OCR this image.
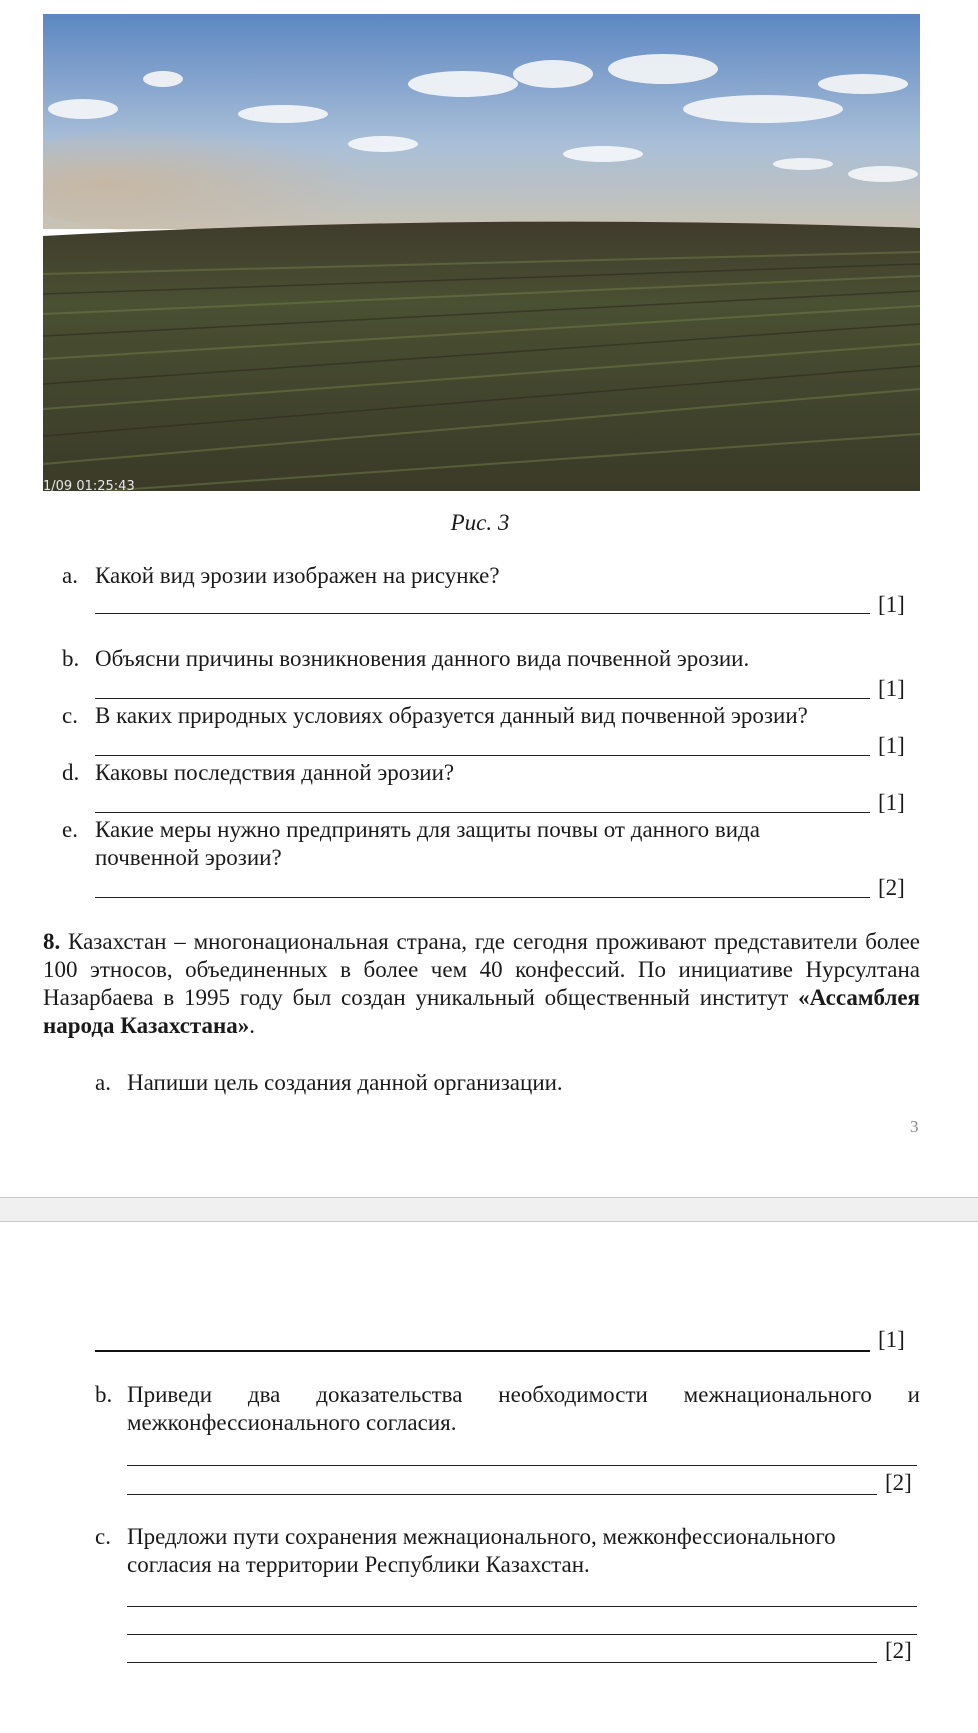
1/09 01:25:43
Рис. 3
a. Какой вид эрозии изображен на рисунке?
[1]
b. Объясни причины возникновения данного вида почвенной эрозии.
[1]
c. В каких природных условиях образуется данный вид почвенной эрозии?
[1]
d. Каковы последствия данной эрозии?
[1]
e. Какие меры нужно предпринять для защиты почвы от данного вида
почвенной эрозии?
[2]
8. Казахстан – многонациональная страна, где сегодня проживают представители более 100 этносов, объединенных в более чем 40 конфессий. По инициативе Нурсултана Назарбаева в 1995 году был создан уникальный общественный институт «Ассамблея народа Казахстана».
a. Напиши цель создания данной организации.
3
[1]
b. Приведи два доказательства необходимости межнационального и
межконфессионального согласия.
[2]
c. Предложи пути сохранения межнационального, межконфессионального
согласия на территории Республики Казахстан.
[2]
